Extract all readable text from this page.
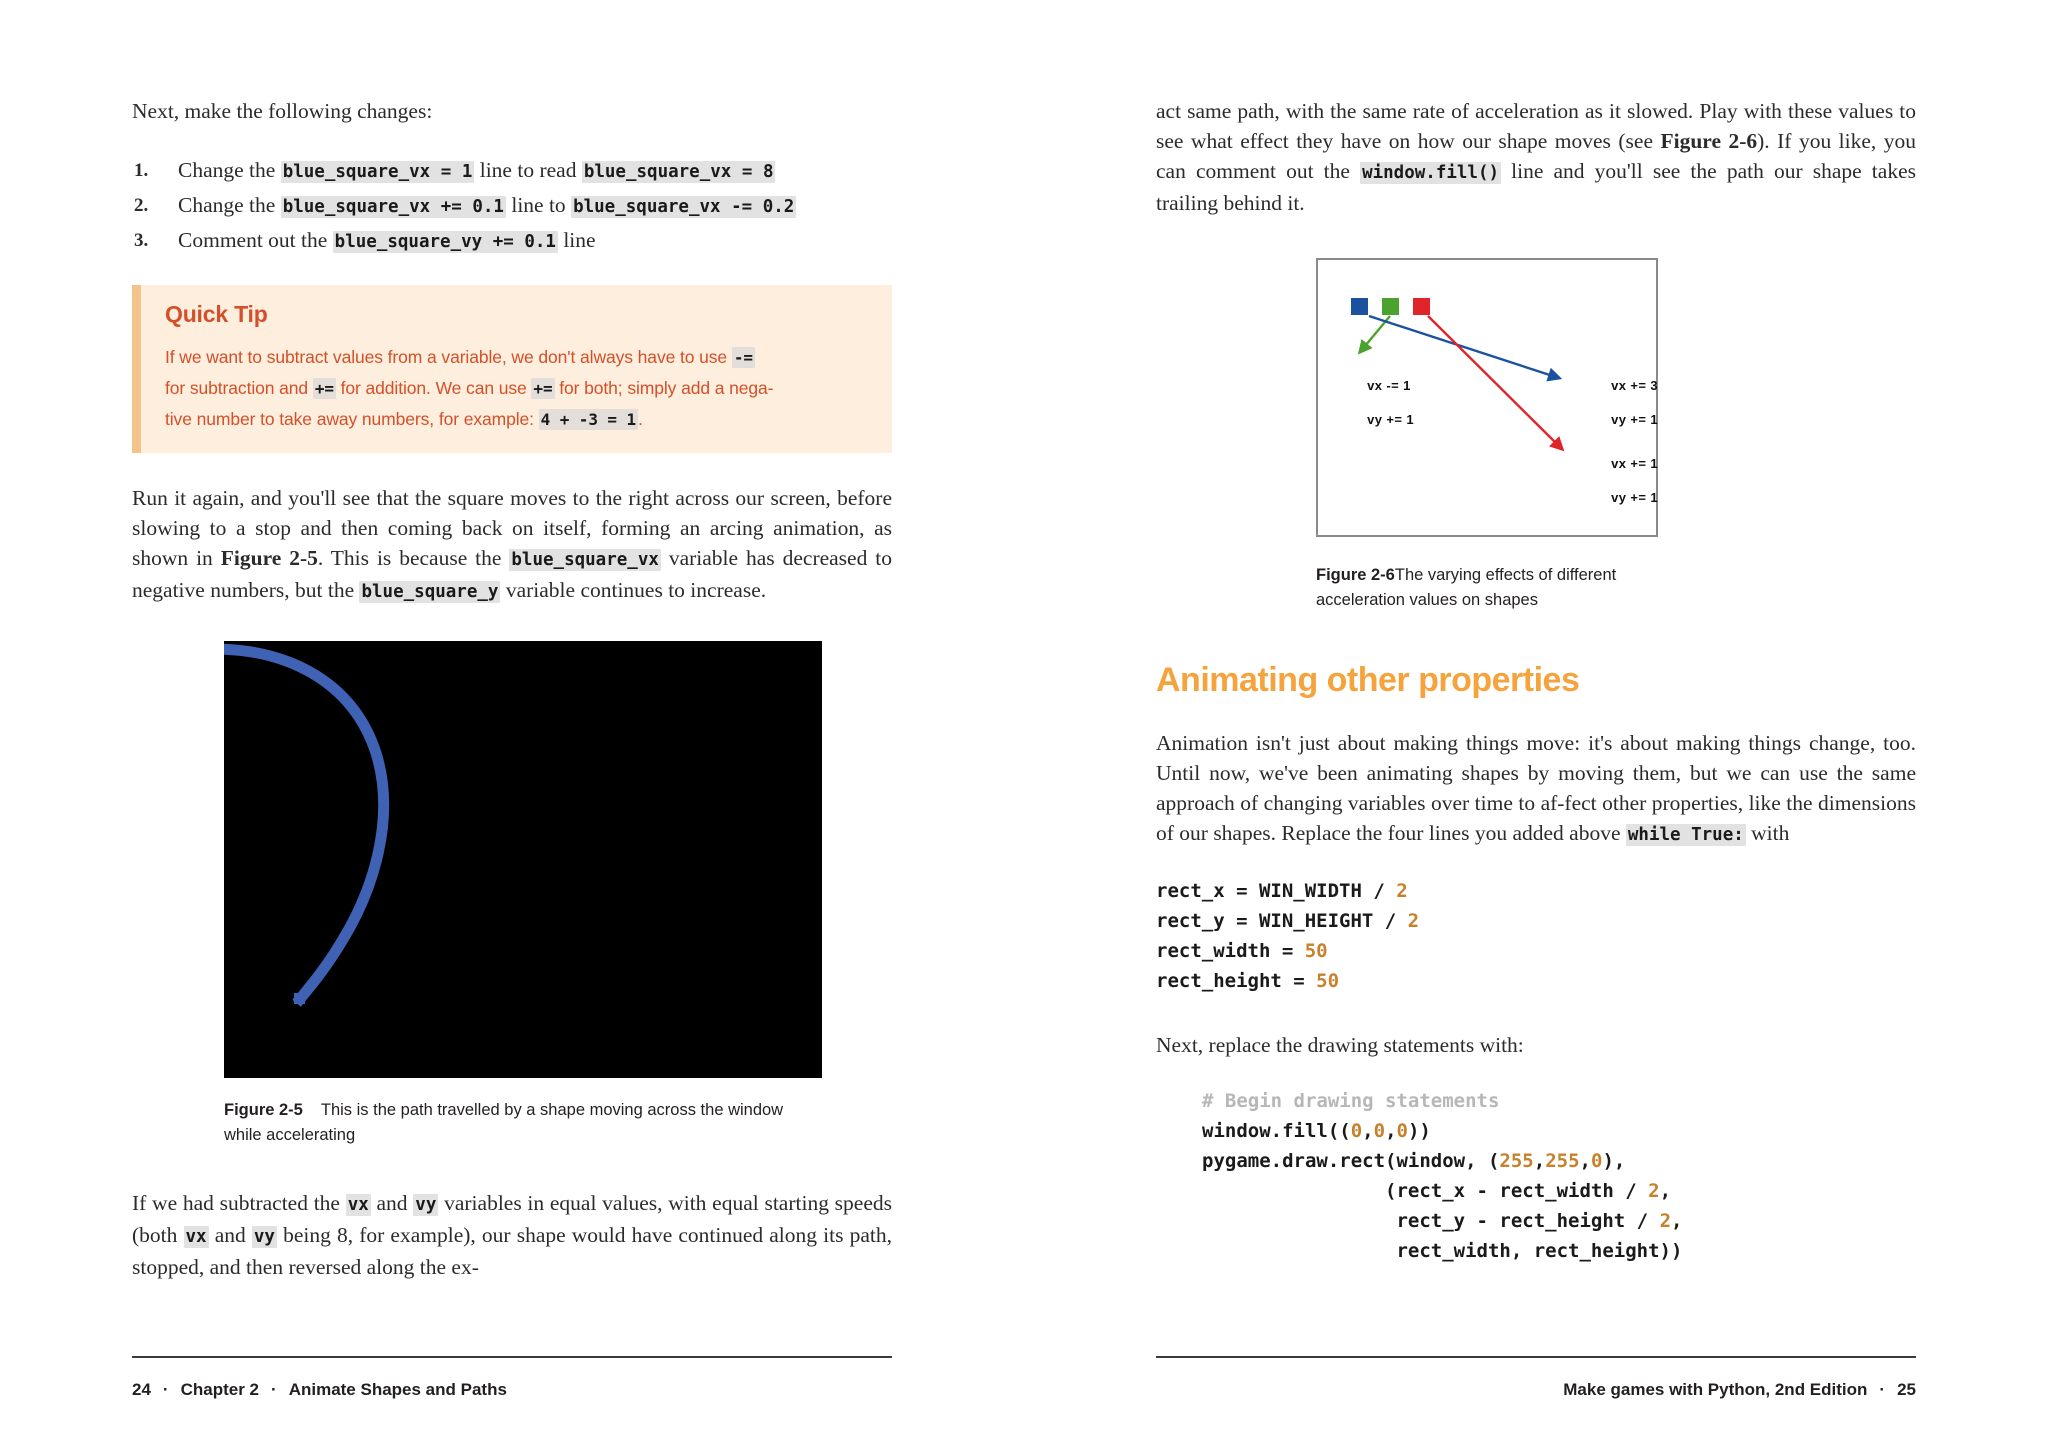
Next, make the following changes:

Change the blue_square_vx = 1 line to read blue_square_vx = 8
Change the blue_square_vx += 0.1 line to blue_square_vx -= 0.2
Comment out the blue_square_vy += 0.1 line
Quick Tip
If we want to subtract values from a variable, we don't always have to use -=
for subtraction and += for addition. We can use += for both; simply add a nega-
tive number to take away numbers, for example: 4 + -3 = 1 .

Run it again, and you'll see that the square moves to the right across our screen, before slowing to a stop and then coming back on itself, forming an arcing animation, as shown in Figure 2-5. This is because the blue_square_vx variable has decreased to negative numbers, but the blue_square_y variable continues to increase.

Figure 2-5 This is the path travelled by a shape moving across the window while accelerating

If we had subtracted the vx and vy variables in equal values, with equal starting speeds (both vx and vy being 8, for example), our shape would have continued along its path, stopped, and then reversed along the ex-

24 · Chapter 2 · Animate Shapes and Paths

act same path, with the same rate of acceleration as it slowed. Play with these values to see what effect they have on how our shape moves (see Figure 2-6). If you like, you can comment out the window.fill() line and you'll see the path our shape takes trailing behind it.

vx -= 1

vy += 1

vx += 3

vy += 1

vx += 1

vy += 1

Figure 2-6The varying effects of different acceleration values on shapes
Animating other properties

Animation isn't just about making things move: it's about making things change, too. Until now, we've been animating shapes by moving them, but we can use the same approach of changing variables over time to af-fect other properties, like the dimensions of our shapes. Replace the four lines you added above while True: with

rect_x = WIN_WIDTH / 2
rect_y = WIN_HEIGHT / 2
rect_width = 50
rect_height = 50

Next, replace the drawing statements with:

# Begin drawing statements
window.fill((0,0,0))
pygame.draw.rect(window, (255,255,0),
(rect_x - rect_width / 2,
rect_y - rect_height / 2,
rect_width, rect_height))
Make games with Python, 2nd Edition · 25
